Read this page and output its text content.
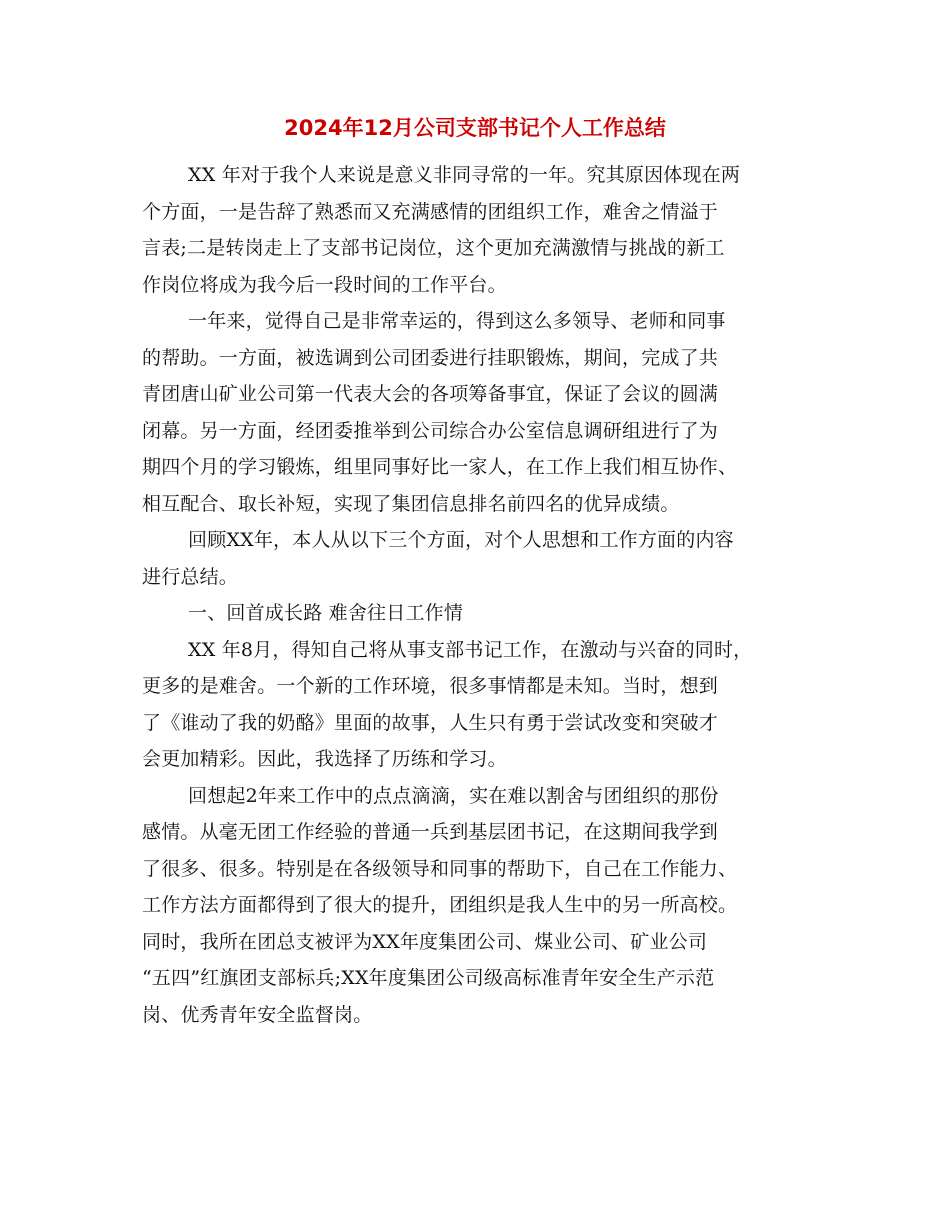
2024年12月公司支部书记个人工作总结
XX 年对于我个人来说是意义非同寻常的一年。究其原因体现在两
个方面，一是告辞了熟悉而又充满感情的团组织工作，难舍之情溢于
言表;二是转岗走上了支部书记岗位，这个更加充满激情与挑战的新工
作岗位将成为我今后一段时间的工作平台。
一年来，觉得自己是非常幸运的，得到这么多领导、老师和同事
的帮助。一方面，被选调到公司团委进行挂职锻炼，期间，完成了共
青团唐山矿业公司第一代表大会的各项筹备事宜，保证了会议的圆满
闭幕。另一方面，经团委推举到公司综合办公室信息调研组进行了为
期四个月的学习锻炼，组里同事好比一家人，在工作上我们相互协作、
相互配合、取长补短，实现了集团信息排名前四名的优异成绩。
回顾XX年，本人从以下三个方面，对个人思想和工作方面的内容
进行总结。
一、回首成长路 难舍往日工作情
XX 年8月，得知自己将从事支部书记工作，在激动与兴奋的同时，
更多的是难舍。一个新的工作环境，很多事情都是未知。当时，想到
了《谁动了我的奶酪》里面的故事，人生只有勇于尝试改变和突破才
会更加精彩。因此，我选择了历练和学习。
回想起2年来工作中的点点滴滴，实在难以割舍与团组织的那份
感情。从毫无团工作经验的普通一兵到基层团书记，在这期间我学到
了很多、很多。特别是在各级领导和同事的帮助下，自己在工作能力、
工作方法方面都得到了很大的提升，团组织是我人生中的另一所高校。
同时，我所在团总支被评为XX年度集团公司、煤业公司、矿业公司
“五四”红旗团支部标兵;XX年度集团公司级高标准青年安全生产示范
岗、优秀青年安全监督岗。
